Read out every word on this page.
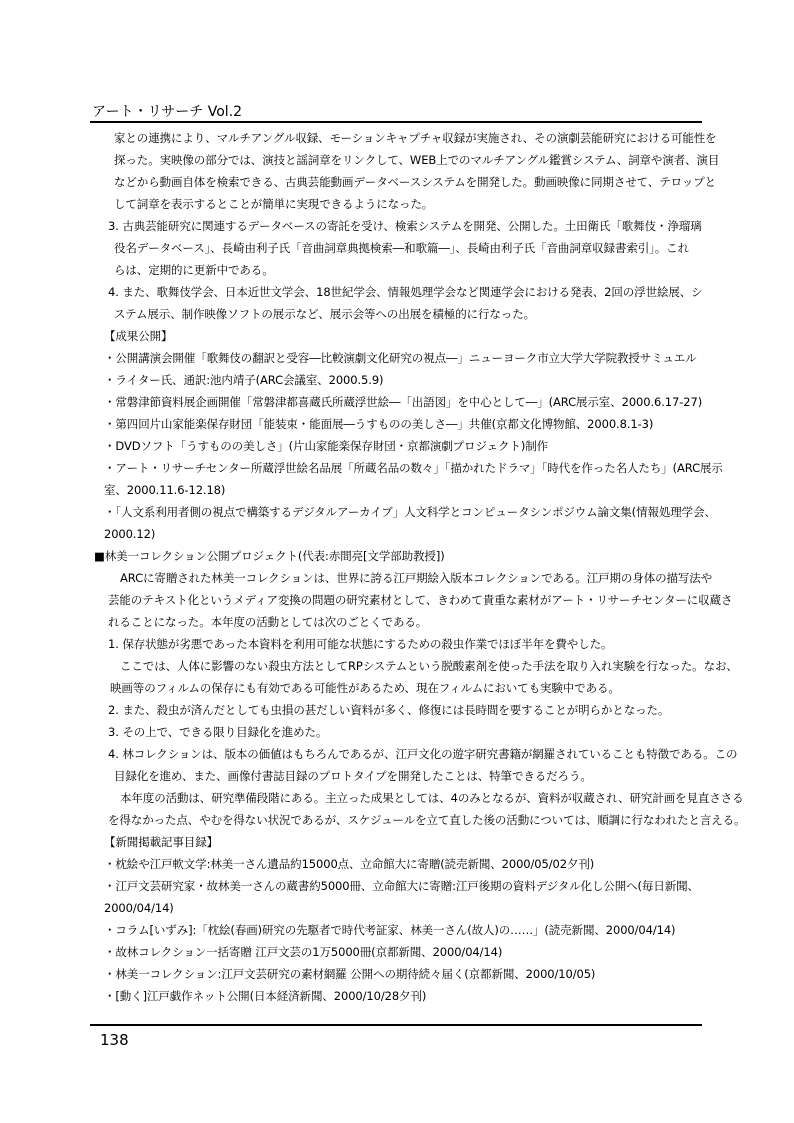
アート・リサーチ Vol.2
家との連携により、マルチアングル収録、モーションキャプチャ収録が実施され、その演劇芸能研究における可能性を
探った。実映像の部分では、演技と謡詞章をリンクして、WEB上でのマルチアングル鑑賞システム、詞章や演者、演目
などから動画自体を検索できる、古典芸能動画データベースシステムを開発した。動画映像に同期させて、テロップと
して詞章を表示するとことが簡単に実現できるようになった。
3. 古典芸能研究に関連するデータベースの寄託を受け、検索システムを開発、公開した。土田衛氏「歌舞伎・浄瑠璃
役名データベース」、長崎由利子氏「音曲詞章典拠検索―和歌篇―」、長崎由利子氏「音曲詞章収録書索引」。これ
らは、定期的に更新中である。
4. また、歌舞伎学会、日本近世文学会、18世紀学会、情報処理学会など関連学会における発表、2回の浮世絵展、シ
ステム展示、制作映像ソフトの展示など、展示会等への出展を積極的に行なった。
【成果公開】
・公開講演会開催「歌舞伎の翻訳と受容―比較演劇文化研究の視点―」ニューヨーク市立大学大学院教授サミュエル
・ライター氏、通訳:池内靖子(ARC会議室、2000.5.9)
・常磐津節資料展企画開催「常磐津都喜蔵氏所蔵浮世絵―「出語図」を中心として―」(ARC展示室、2000.6.17-27)
・第四回片山家能楽保存財団「能装束・能面展―うすものの美しさ―」共催(京都文化博物館、2000.8.1-3)
・DVDソフト「うすものの美しさ」(片山家能楽保存財団・京都演劇プロジェクト)制作
・アート・リサーチセンター所蔵浮世絵名品展「所蔵名品の数々」「描かれたドラマ」「時代を作った名人たち」(ARC展示
室、2000.11.6-12.18)
・「人文系利用者側の視点で構築するデジタルアーカイブ」人文科学とコンピュータシンポジウム論文集(情報処理学会、
2000.12)
■林美一コレクション公開プロジェクト(代表:赤間亮[文学部助教授])
ARCに寄贈された林美一コレクションは、世界に誇る江戸期絵入版本コレクションである。江戸期の身体の描写法や
芸能のテキスト化というメディア変換の問題の研究素材として、きわめて貴重な素材がアート・リサーチセンターに収蔵さ
れることになった。本年度の活動としては次のごとくである。
1. 保存状態が劣悪であった本資料を利用可能な状態にするための殺虫作業でほぼ半年を費やした。
ここでは、人体に影響のない殺虫方法としてRPシステムという脱酸素剤を使った手法を取り入れ実験を行なった。なお、
映画等のフィルムの保存にも有効である可能性があるため、現在フィルムにおいても実験中である。
2. また、殺虫が済んだとしても虫損の甚だしい資料が多く、修復には長時間を要することが明らかとなった。
3. その上で、できる限り目録化を進めた。
4. 林コレクションは、版本の価値はもちろんであるが、江戸文化の遊字研究書籍が網羅されていることも特徴である。この
目録化を進め、また、画像付書誌目録のプロトタイプを開発したことは、特筆できるだろう。
本年度の活動は、研究準備段階にある。主立った成果としては、4のみとなるが、資料が収蔵され、研究計画を見直ささる
を得なかった点、やむを得ない状況であるが、スケジュールを立て直した後の活動については、順調に行なわれたと言える。
【新聞掲載記事目録】
・枕絵や江戸軟文学:林美一さん遺品約15000点、立命館大に寄贈(読売新聞、2000/05/02夕刊)
・江戸文芸研究家・故林美一さんの蔵書約5000冊、立命館大に寄贈:江戸後期の資料デジタル化し公開へ(毎日新聞、
2000/04/14)
・コラム[いずみ]:「枕絵(春画)研究の先駆者で時代考証家、林美一さん(故人)の……」(読売新聞、2000/04/14)
・故林コレクション一括寄贈 江戸文芸の1万5000冊(京都新聞、2000/04/14)
・林美一コレクション:江戸文芸研究の素材網羅 公開への期待続々届く(京都新聞、2000/10/05)
・[動く]江戸戯作ネット公開(日本経済新聞、2000/10/28夕刊)
138
